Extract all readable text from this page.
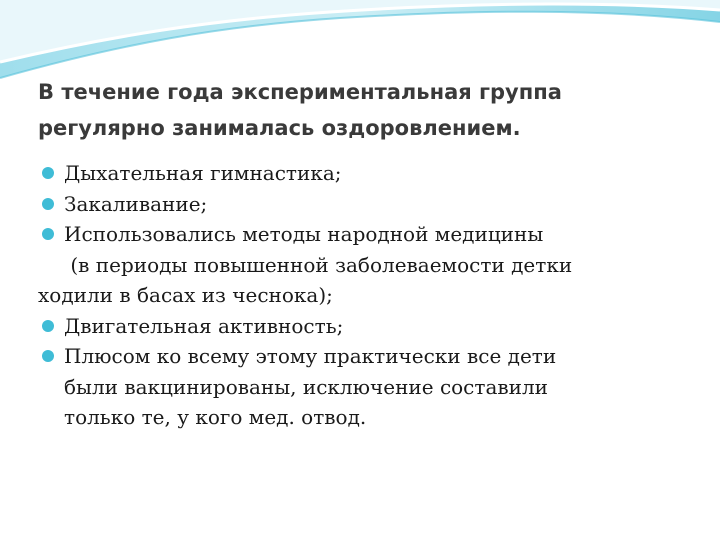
В течение года экспериментальная группа
регулярно занималась оздоровлением.
Дыхательная гимнастика;
Закаливание;
Использовались методы народной медицины
(в периоды повышенной заболеваемости детки
ходили в басах из чеснока);
Двигательная активность;
Плюсом ко всему этому практически все дети
были вакцинированы, исключение составили
только те, у кого мед. отвод.
